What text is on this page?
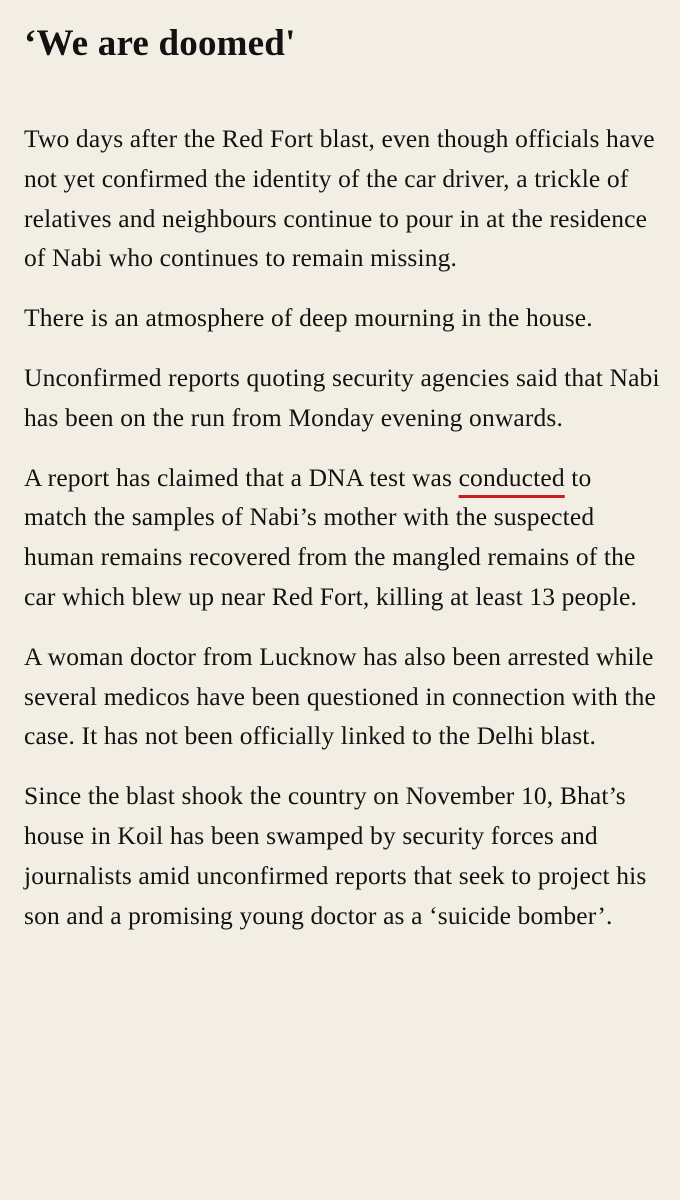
‘We are doomed'

Two days after the Red Fort blast, even though officials have not yet confirmed the identity of the car driver, a trickle of relatives and neighbours continue to pour in at the residence of Nabi who continues to remain missing.

There is an atmosphere of deep mourning in the house.

Unconfirmed reports quoting security agencies said that Nabi has been on the run from Monday evening onwards.

A report has claimed that a DNA test was conducted to match the samples of Nabi’s mother with the suspected human remains recovered from the mangled remains of the car which blew up near Red Fort, killing at least 13 people.

A woman doctor from Lucknow has also been arrested while several medicos have been questioned in connection with the case. It has not been officially linked to the Delhi blast.

Since the blast shook the country on November 10, Bhat’s house in Koil has been swamped by security forces and journalists amid unconfirmed reports that seek to project his son and a promising young doctor as a ‘suicide bomber’.
